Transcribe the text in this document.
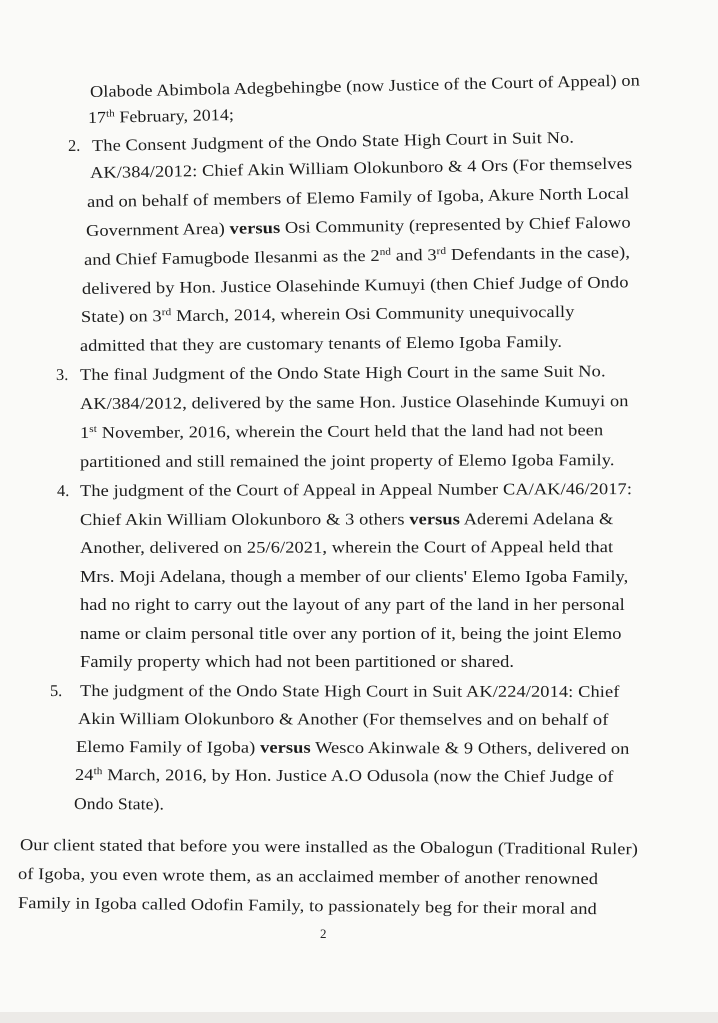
Olabode Abimbola Adegbehingbe (now Justice of the Court of Appeal) on
17th February, 2014;
The Consent Judgment of the Ondo State High Court in Suit No.
2.
AK/384/2012: Chief Akin William Olokunboro & 4 Ors (For themselves
and on behalf of members of Elemo Family of Igoba, Akure North Local
Government Area) versus Osi Community (represented by Chief Falowo
and Chief Famugbode Ilesanmi as the 2nd and 3rd Defendants in the case),
delivered by Hon. Justice Olasehinde Kumuyi (then Chief Judge of Ondo
State) on 3rd March, 2014, wherein Osi Community unequivocally
admitted that they are customary tenants of Elemo Igoba Family.
The final Judgment of the Ondo State High Court in the same Suit No.
3.
AK/384/2012, delivered by the same Hon. Justice Olasehinde Kumuyi on
1st November, 2016, wherein the Court held that the land had not been
partitioned and still remained the joint property of Elemo Igoba Family.
The judgment of the Court of Appeal in Appeal Number CA/AK/46/2017:
4.
Chief Akin William Olokunboro & 3 others versus Aderemi Adelana &
Another, delivered on 25/6/2021, wherein the Court of Appeal held that
Mrs. Moji Adelana, though a member of our clients' Elemo Igoba Family,
had no right to carry out the layout of any part of the land in her personal
name or claim personal title over any portion of it, being the joint Elemo
Family property which had not been partitioned or shared.
The judgment of the Ondo State High Court in Suit AK/224/2014: Chief
5.
Akin William Olokunboro & Another (For themselves and on behalf of
Elemo Family of Igoba) versus Wesco Akinwale & 9 Others, delivered on
24th March, 2016, by Hon. Justice A.O Odusola (now the Chief Judge of
Ondo State).
Our client stated that before you were installed as the Obalogun (Traditional Ruler)
of Igoba, you even wrote them, as an acclaimed member of another renowned
Family in Igoba called Odofin Family, to passionately beg for their moral and
2
